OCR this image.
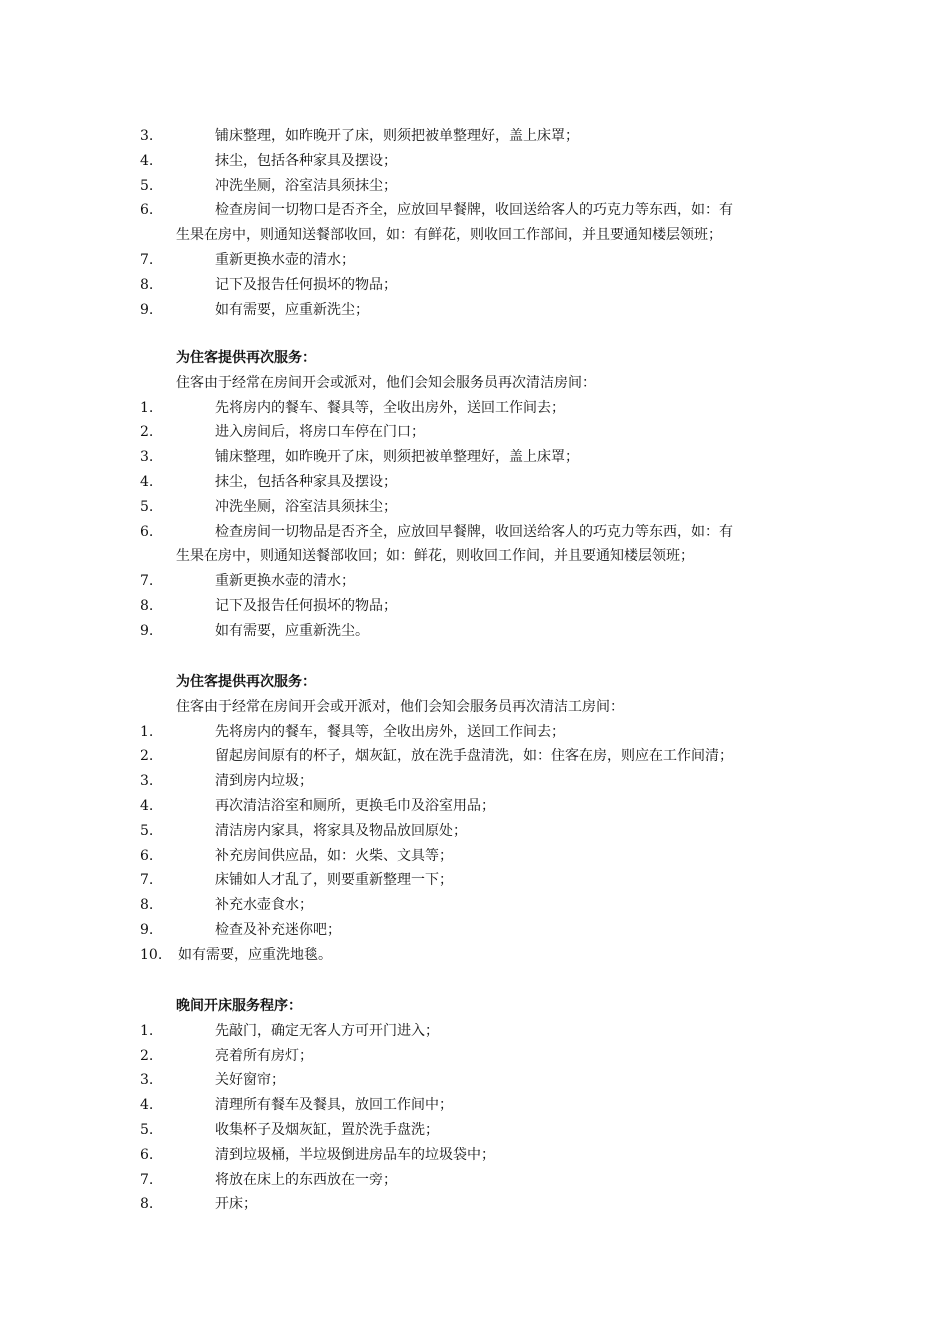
3.	铺床整理，如昨晚开了床，则须把被单整理好，盖上床罩；
4.	抹尘，包括各种家具及摆设；
5.	冲洗坐厕，浴室洁具须抹尘；
6.	检查房间一切物口是否齐全，应放回早餐牌，收回送给客人的巧克力等东西，如：有
生果在房中，则通知送餐部收回，如：有鲜花，则收回工作部间，并且要通知楼层领班；
7.	重新更换水壶的清水；
8.	记下及报告任何损坏的物品；
9.	如有需要，应重新洗尘；
为住客提供再次服务：
住客由于经常在房间开会或派对，他们会知会服务员再次清洁房间：
1.	先将房内的餐车、餐具等，全收出房外，送回工作间去；
2.	进入房间后，将房口车停在门口；
3.	铺床整理，如昨晚开了床，则须把被单整理好，盖上床罩；
4.	抹尘，包括各种家具及摆设；
5.	冲洗坐厕，浴室洁具须抹尘；
6.	检查房间一切物品是否齐全，应放回早餐牌，收回送给客人的巧克力等东西，如：有
生果在房中，则通知送餐部收回；如：鲜花，则收回工作间，并且要通知楼层领班；
7.	重新更换水壶的清水；
8.	记下及报告任何损坏的物品；
9.	如有需要，应重新洗尘。
为住客提供再次服务：
住客由于经常在房间开会或开派对，他们会知会服务员再次清洁工房间：
1.	先将房内的餐车，餐具等，全收出房外，送回工作间去；
2.	留起房间原有的杯子，烟灰缸，放在洗手盘清洗，如：住客在房，则应在工作间清；
3.	清到房内垃圾；
4.	再次清洁浴室和厕所，更换毛巾及浴室用品；
5.	清洁房内家具，将家具及物品放回原处；
6.	补充房间供应品，如：火柴、文具等；
7.	床铺如人才乱了，则要重新整理一下；
8.	补充水壶食水；
9.	检查及补充迷你吧；
10.	如有需要，应重洗地毯。
晚间开床服务程序：
1.	先敲门，确定无客人方可开门进入；
2.	亮着所有房灯；
3.	关好窗帘；
4.	清理所有餐车及餐具，放回工作间中；
5.	收集杯子及烟灰缸，置於洗手盘洗；
6.	清到垃圾桶，半垃圾倒进房品车的垃圾袋中；
7.	将放在床上的东西放在一旁；
8.	开床；
